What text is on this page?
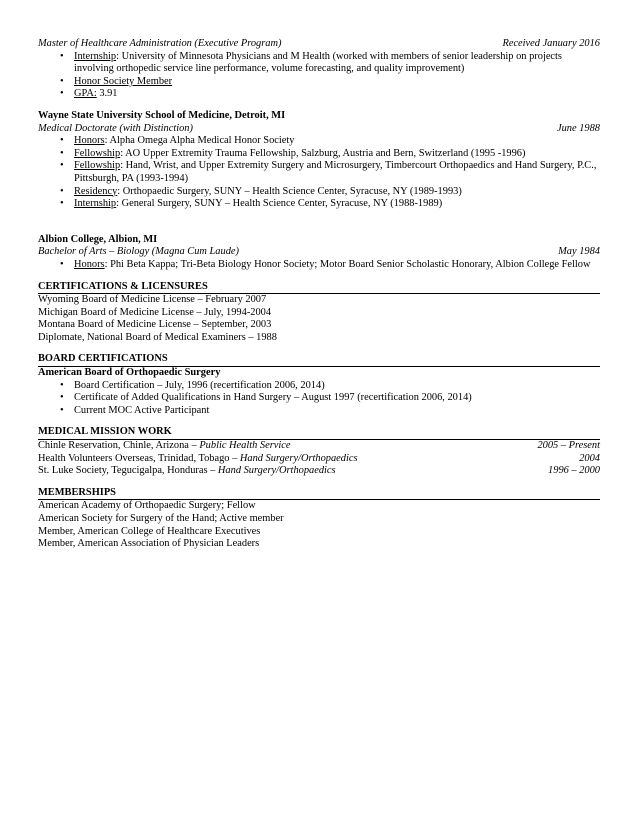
Master of Healthcare Administration (Executive Program)	Received January 2016
• Internship: University of Minnesota Physicians and M Health (worked with members of senior leadership on projects involving orthopedic service line performance, volume forecasting, and quality improvement)
• Honor Society Member
• GPA: 3.91
Wayne State University School of Medicine, Detroit, MI
Medical Doctorate (with Distinction)	June 1988
• Honors: Alpha Omega Alpha Medical Honor Society
• Fellowship: AO Upper Extremity Trauma Fellowship, Salzburg, Austria and Bern, Switzerland (1995 -1996)
• Fellowship: Hand, Wrist, and Upper Extremity Surgery and Microsurgery, Timbercourt Orthopaedics and Hand Surgery, P.C., Pittsburgh, PA (1993-1994)
• Residency: Orthopaedic Surgery, SUNY – Health Science Center, Syracuse, NY (1989-1993)
• Internship: General Surgery, SUNY – Health Science Center, Syracuse, NY (1988-1989)
Albion College, Albion, MI
Bachelor of Arts – Biology (Magna Cum Laude)	May 1984
• Honors: Phi Beta Kappa; Tri-Beta Biology Honor Society; Motor Board Senior Scholastic Honorary, Albion College Fellow
CERTIFICATIONS & LICENSURES
Wyoming Board of Medicine License – February 2007
Michigan Board of Medicine License – July, 1994-2004
Montana Board of Medicine License – September, 2003
Diplomate, National Board of Medical Examiners – 1988
BOARD CERTIFICATIONS
American Board of Orthopaedic Surgery
• Board Certification – July, 1996 (recertification 2006, 2014)
• Certificate of Added Qualifications in Hand Surgery – August 1997 (recertification 2006, 2014)
• Current MOC Active Participant
MEDICAL MISSION WORK
Chinle Reservation, Chinle, Arizona – Public Health Service	2005 – Present
Health Volunteers Overseas, Trinidad, Tobago – Hand Surgery/Orthopaedics	2004
St. Luke Society, Tegucigalpa, Honduras – Hand Surgery/Orthopaedics	1996 – 2000
MEMBERSHIPS
American Academy of Orthopaedic Surgery; Fellow
American Society for Surgery of the Hand; Active member
Member, American College of Healthcare Executives
Member, American Association of Physician Leaders
